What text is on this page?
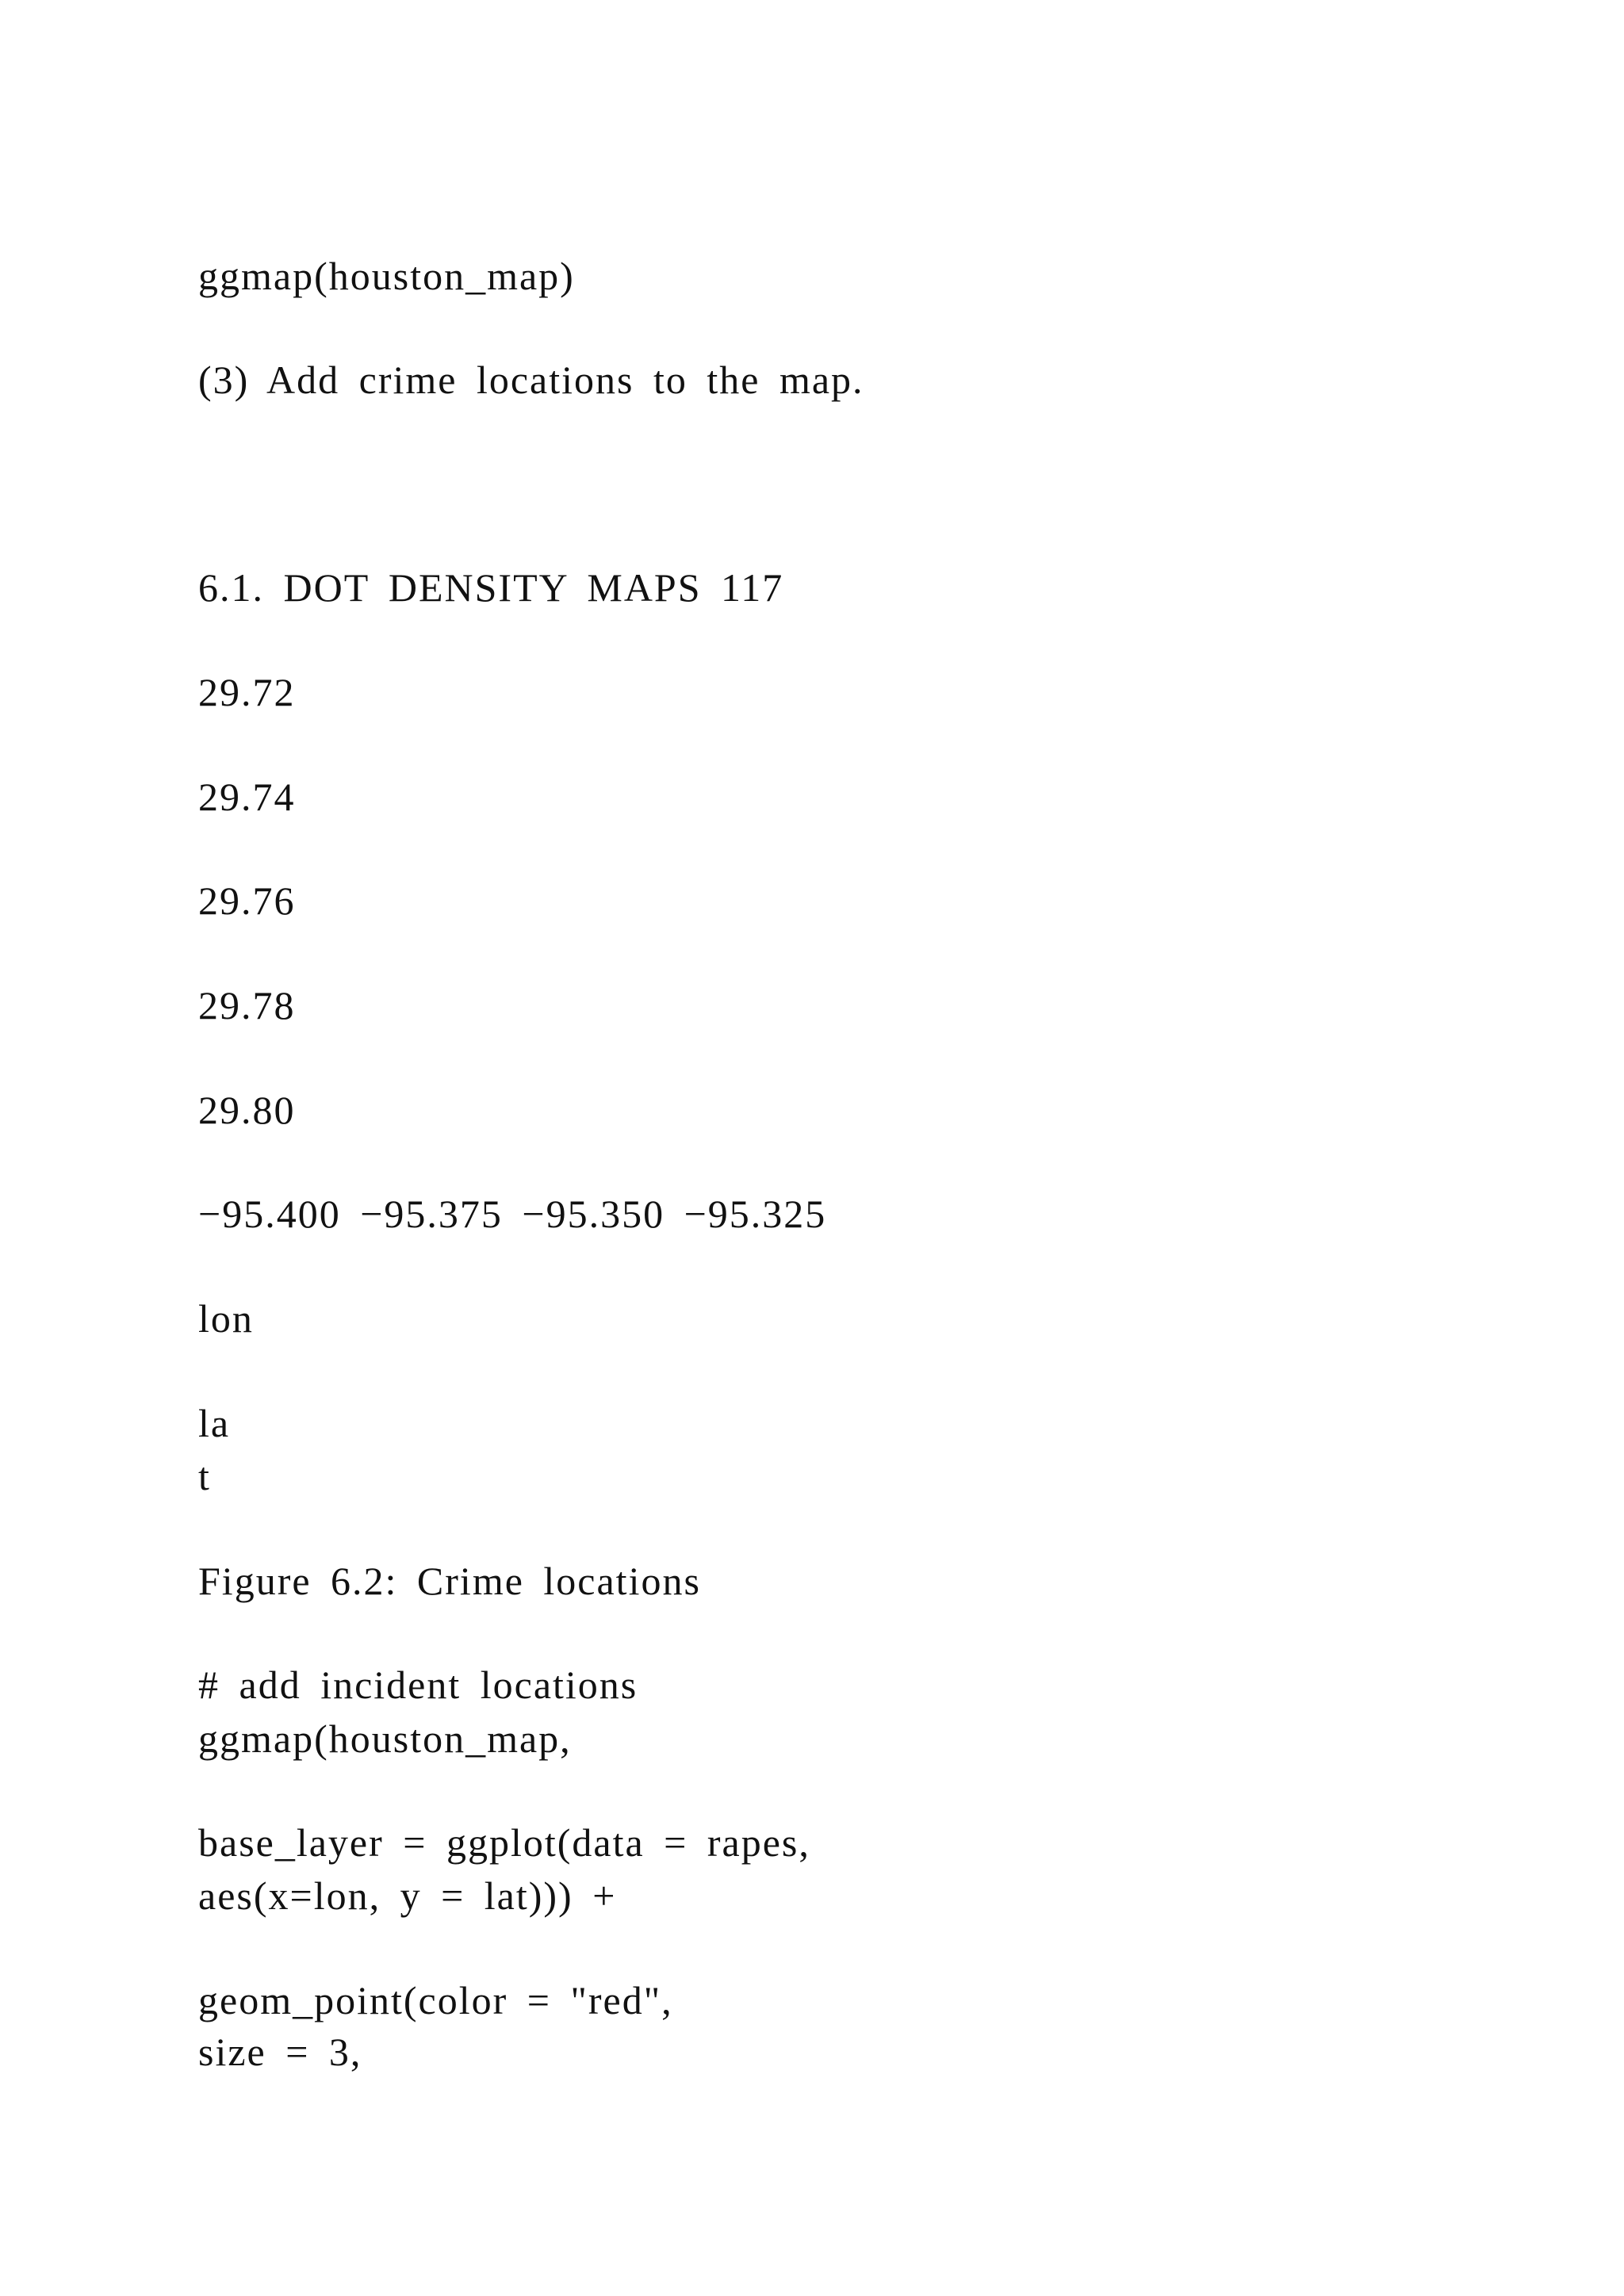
ggmap(houston_map)
(3) Add crime locations to the map.
6.1. DOT DENSITY MAPS 117
29.72
29.74
29.76
29.78
29.80
−95.400 −95.375 −95.350 −95.325
lon
la
t
Figure 6.2: Crime locations
# add incident locations
ggmap(houston_map,
base_layer = ggplot(data = rapes,
aes(x=lon, y = lat))) +
geom_point(color = "red",
size = 3,
